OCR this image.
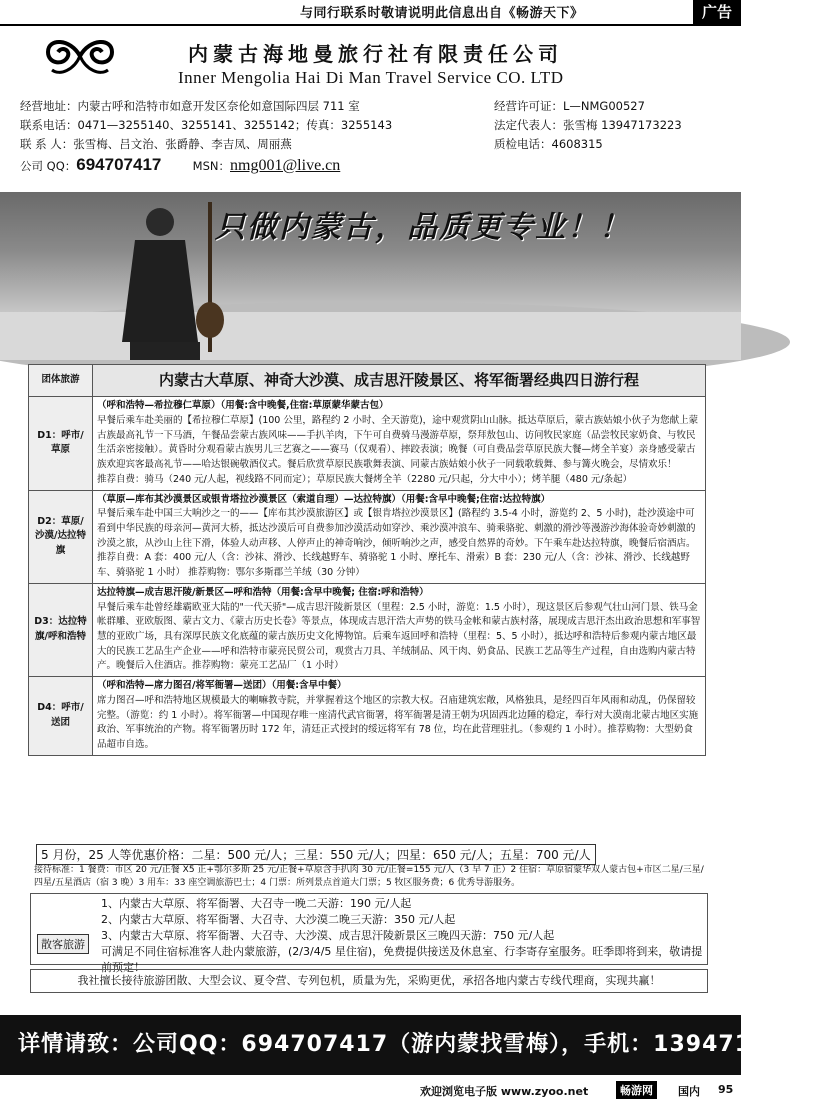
与同行联系时敬请说明此信息出自《畅游天下》	广告
内蒙古海地曼旅行社有限责任公司
Inner Mengolia Hai Di Man Travel Service CO. LTD
经营地址：内蒙古呼和浩特市如意开发区奈伦如意国际四层 711 室	经营许可证：L—NMG00527
联系电话：0471—3255140、3255141、3255142；传真：3255143	法定代表人：张雪梅 13947173223
联 系 人：张雪梅、吕文治、张爵静、李吉凤、周丽燕	质检电话：4608315
公司 QQ：694707417	MSN：nmg001@live.cn
只做内蒙古，品质更专业！！
团体旅游	内蒙古大草原、神奇大沙漠、成吉思汗陵景区、将军衙署经典四日游行程
D1：呼市/草原	（呼和浩特—希拉穆仁草原）（用餐:含中晚餐,住宿:草原蒙华蒙古包）
早餐后乘车赴美丽的【希拉穆仁草原】(100 公里，路程约 2 小时、全天游览)，途中观赏阴山山脉。抵达草原后，蒙古族姑娘小伙子为您献上蒙古族最高礼节一下马酒，午餐品尝蒙古族风味——手扒羊肉，下午可自费骑马漫游草原，祭拜敖包山、访问牧民家庭（品尝牧民家奶食、与牧民生活亲密接触）。黄昏时分观看蒙古族男儿三艺赛之——赛马（仅观看）、摔跤表演；晚餐（可自费品尝草原民族大餐—烤全羊宴）亲身感受蒙古族欢迎宾客最高礼节——哈达银碗敬酒仪式。餐后欣赏草原民族歌舞表演、同蒙古族姑娘小伙子一同载歌载舞、参与篝火晚会，尽情欢乐！
推荐自费：骑马（240 元/人起，视线路不同而定）；草原民族大餐烤全羊（2280 元/只起，分大中小）；烤羊腿（480 元/条起）

D2：草原/沙漠/达拉特旗	（草原—库布其沙漠景区或银肯塔拉沙漠景区（索道自理）—达拉特旗）（用餐:含早中晚餐;住宿:达拉特旗）
早餐后乘车赴中国三大响沙之一的——【库布其沙漠旅游区】或【银肯塔拉沙漠景区】(路程约 3.5-4 小时，游览约 2、5 小时)，赴沙漠途中可看到中华民族的母亲河—黄河大桥，抵达沙漠后可自费参加沙漠活动如穿沙、乘沙漠冲浪车、骑乘骆驼、刺激的滑沙等漫游沙海体验奇妙刺激的沙漠之旅，从沙山上往下滑，体验人动声移、人停声止的神奇响沙，倾听响沙之声，感受自然界的奇妙。下午乘车赴达拉特旗，晚餐后宿酒店。
推荐自费：A 套：400 元/人（含：沙袜、滑沙、长线越野车、骑骆驼 1 小时、摩托车、滑索）B 套：230 元/人（含：沙袜、滑沙、长线越野车、骑骆驼 1 小时） 推荐购物：鄂尔多斯郡兰羊绒（30 分钟）

D3：达拉特旗/呼和浩特	达拉特旗—成吉思汗陵/新景区—呼和浩特（用餐:含早中晚餐; 住宿:呼和浩特）
早餐后乘车赴曾经雄霸欧亚大陆的"一代天骄"—成吉思汗陵新景区（里程：2.5 小时，游览：1.5 小时），现这景区后参观气壮山河门景、铁马金帐群雕、亚欧版图、蒙古文力、《蒙古历史长卷》等景点，体现成吉思汗浩大声势的铁马金帐和蒙古族村落，展现成吉思汗杰出政治思想和军事智慧的亚欧广场，具有深厚民族文化底蕴的蒙古族历史文化博物馆。后乘车返回呼和浩特（里程：5、5 小时），抵达呼和浩特后参观内蒙古地区最大的民族工艺品生产企业——呼和浩特市蒙亮民贸公司，观赏古刀具、羊绒制品、风干肉、奶食品、民族工艺品等生产过程，自由选购内蒙古特产。晚餐后入住酒店。推荐购物：蒙亮工艺品厂（1 小时）

D4：呼市/送团	（呼和浩特—席力图召/将军衙署—送团）（用餐:含早中餐）
席力图召—呼和浩特地区规模最大的喇嘛教寺院，并掌握着这个地区的宗教大权。召庙建筑宏敞，风格独具，是经四百年风雨和动乱，仍保留较完整。（游览：约 1 小时）。将军衙署—中国现存唯一座清代武官衙署，将军衙署是清王朝为巩固西北边陲的稳定，奉行对大漠南北蒙古地区实施政治、军事统治的产物。将军衙署历时 172 年，清廷正式授封的绥远将军有 78 位，均在此营理驻扎。（参观约 1 小时）。推荐购物：大型奶食品超市自选。
5 月份，25 人等优惠价格：二星：500 元/人；三星：550 元/人；四星：650 元/人；五星：700 元/人
接待标准：1 餐费：市区 20 元/正餐 X5 正+鄂尔多斯 25 元/正餐+草原含手扒肉 30 元/正餐=155 元/人（3 早 7 正）2 住宿：草原宿蒙华双人蒙古包+市区二星/三星/四星/五星酒店（宿 3 晚）3 用车：33 座空调旅游巴士；4 门票：所列景点首道大门票；5 牧区服务费；6 优秀导游服务。
散客旅游
1、内蒙古大草原、将军衙署、大召寺一晚二天游：190 元/人起
2、内蒙古大草原、将军衙署、大召寺、大沙漠二晚三天游：350 元/人起
3、内蒙古大草原、将军衙署、大召寺、大沙漠、成吉思汗陵新景区三晚四天游：750 元/人起
可满足不同住宿标准客人赴内蒙旅游，(2/3/4/5 星住宿)，免费提供接送及休息室、行李寄存室服务。旺季即将到来，敬请提前预定！
我社擅长接待旅游团散、大型会议、夏令营、专列包机，质量为先，采购更优，承招各地内蒙古专线代理商，实现共赢！
详情请致：公司QQ：694707417（游内蒙找雪梅），手机：13947173223
欢迎浏览电子版 www.zyoo.net	畅游网	国内 95
